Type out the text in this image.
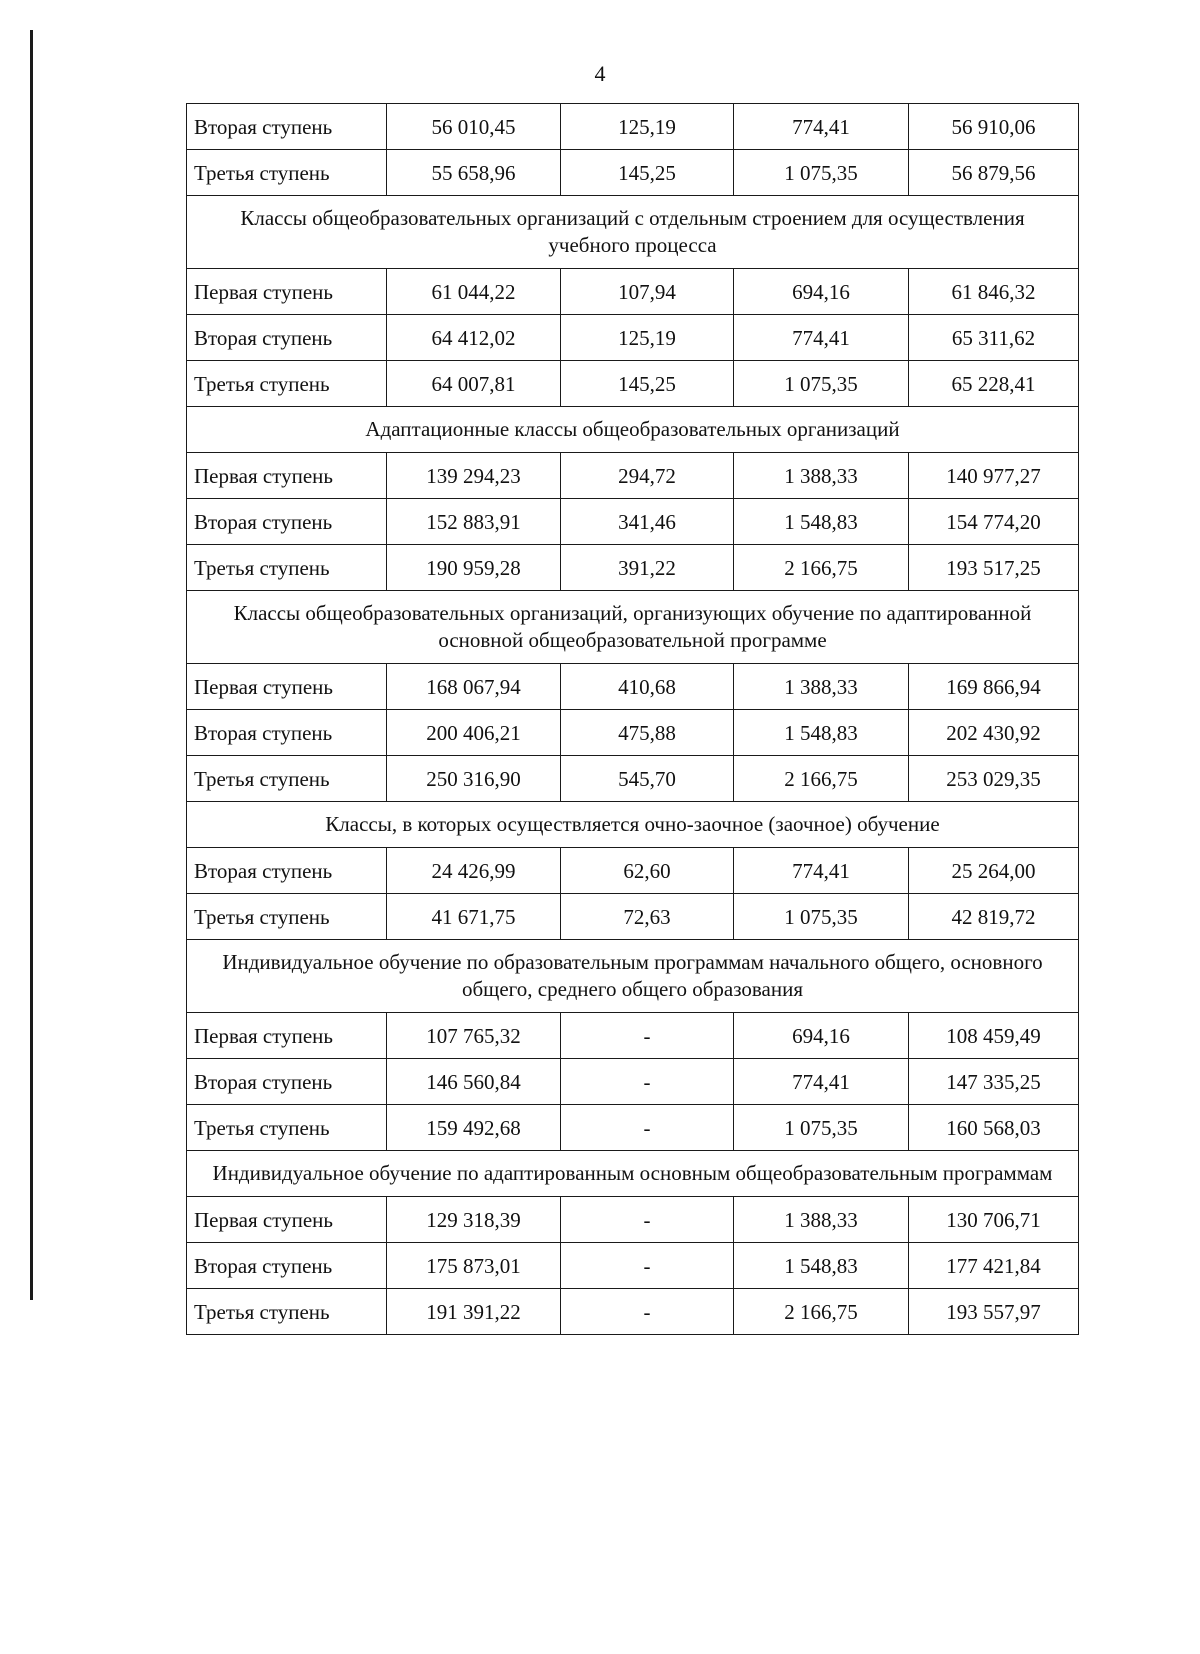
4
Вторая ступень	56 010,45	125,19	774,41	56 910,06
Третья ступень	55 658,96	145,25	1 075,35	56 879,56
Классы общеобразовательных организаций с отдельным строением для осуществления учебного процесса				
Первая ступень	61 044,22	107,94	694,16	61 846,32
Вторая ступень	64 412,02	125,19	774,41	65 311,62
Третья ступень	64 007,81	145,25	1 075,35	65 228,41
Адаптационные классы общеобразовательных организаций				
Первая ступень	139 294,23	294,72	1 388,33	140 977,27
Вторая ступень	152 883,91	341,46	1 548,83	154 774,20
Третья ступень	190 959,28	391,22	2 166,75	193 517,25
Классы общеобразовательных организаций, организующих обучение по адаптированной основной общеобразовательной программе				
Первая ступень	168 067,94	410,68	1 388,33	169 866,94
Вторая ступень	200 406,21	475,88	1 548,83	202 430,92
Третья ступень	250 316,90	545,70	2 166,75	253 029,35
Классы, в которых осуществляется очно-заочное (заочное) обучение				
Вторая ступень	24 426,99	62,60	774,41	25 264,00
Третья ступень	41 671,75	72,63	1 075,35	42 819,72
Индивидуальное обучение по образовательным программам начального общего, основного общего, среднего общего образования				
Первая ступень	107 765,32	-	694,16	108 459,49
Вторая ступень	146 560,84	-	774,41	147 335,25
Третья ступень	159 492,68	-	1 075,35	160 568,03
Индивидуальное обучение по адаптированным основным общеобразовательным программам				
Первая ступень	129 318,39	-	1 388,33	130 706,71
Вторая ступень	175 873,01	-	1 548,83	177 421,84
Третья ступень	191 391,22	-	2 166,75	193 557,97
